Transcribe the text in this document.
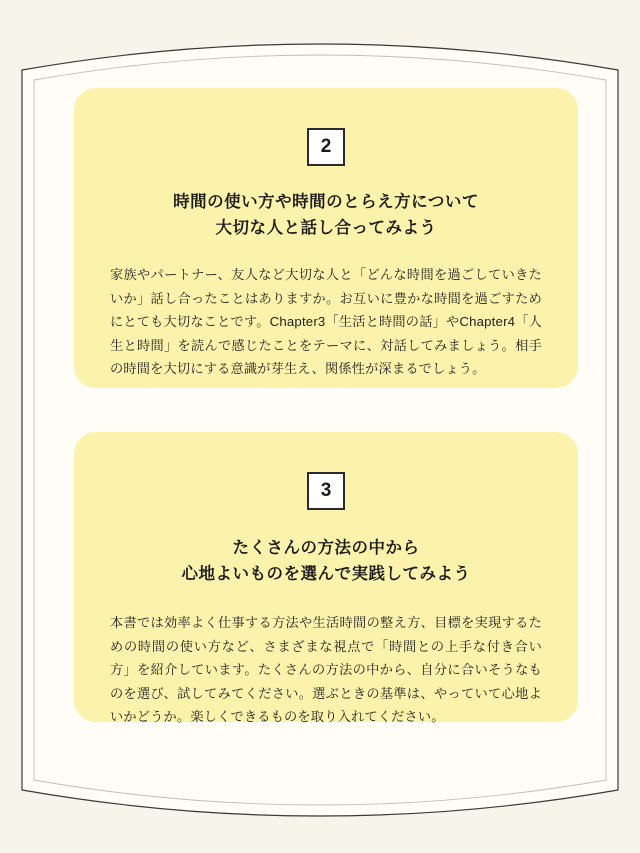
2
時間の使い方や時間のとらえ方について
大切な人と話し合ってみよう
家族やパートナー、友人など大切な人と「どんな時間を過ごしていきたいか」話し合ったことはありますか。お互いに豊かな時間を過ごすためにとても大切なことです。Chapter3「生活と時間の話」やChapter4「人生と時間」を読んで感じたことをテーマに、対話してみましょう。相手の時間を大切にする意識が芽生え、関係性が深まるでしょう。
3
たくさんの方法の中から
心地よいものを選んで実践してみよう
本書では効率よく仕事する方法や生活時間の整え方、目標を実現するための時間の使い方など、さまざまな視点で「時間との上手な付き合い方」を紹介しています。たくさんの方法の中から、自分に合いそうなものを選び、試してみてください。選ぶときの基準は、やっていて心地よいかどうか。楽しくできるものを取り入れてください。
